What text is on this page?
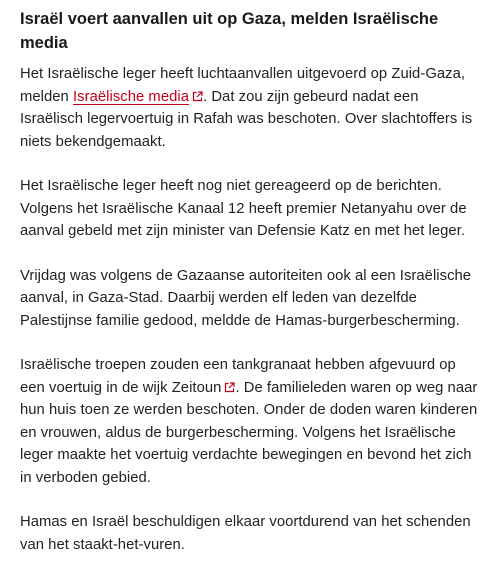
Israël voert aanvallen uit op Gaza, melden Israëlische media

Het Israëlische leger heeft luchtaanvallen uitgevoerd op Zuid-Gaza, melden Israëlische media . Dat zou zijn gebeurd nadat een Israëlisch legervoertuig in Rafah was beschoten. Over slachtoffers is niets bekendgemaakt.

Het Israëlische leger heeft nog niet gereageerd op de berichten. Volgens het Israëlische Kanaal 12 heeft premier Netanyahu over de aanval gebeld met zijn minister van Defensie Katz en met het leger.

Vrijdag was volgens de Gazaanse autoriteiten ook al een Israëlische aanval, in Gaza-Stad. Daarbij werden elf leden van dezelfde Palestijnse familie gedood, meldde de Hamas-burgerbescherming.

Israëlische troepen zouden een tankgranaat hebben afgevuurd op een voertuig in de wijk Zeitoun . De familieleden waren op weg naar hun huis toen ze werden beschoten. Onder de doden waren kinderen en vrouwen, aldus de burgerbescherming. Volgens het Israëlische leger maakte het voertuig verdachte bewegingen en bevond het zich in verboden gebied.

Hamas en Israël beschuldigen elkaar voortdurend van het schenden van het staakt-het-vuren.
